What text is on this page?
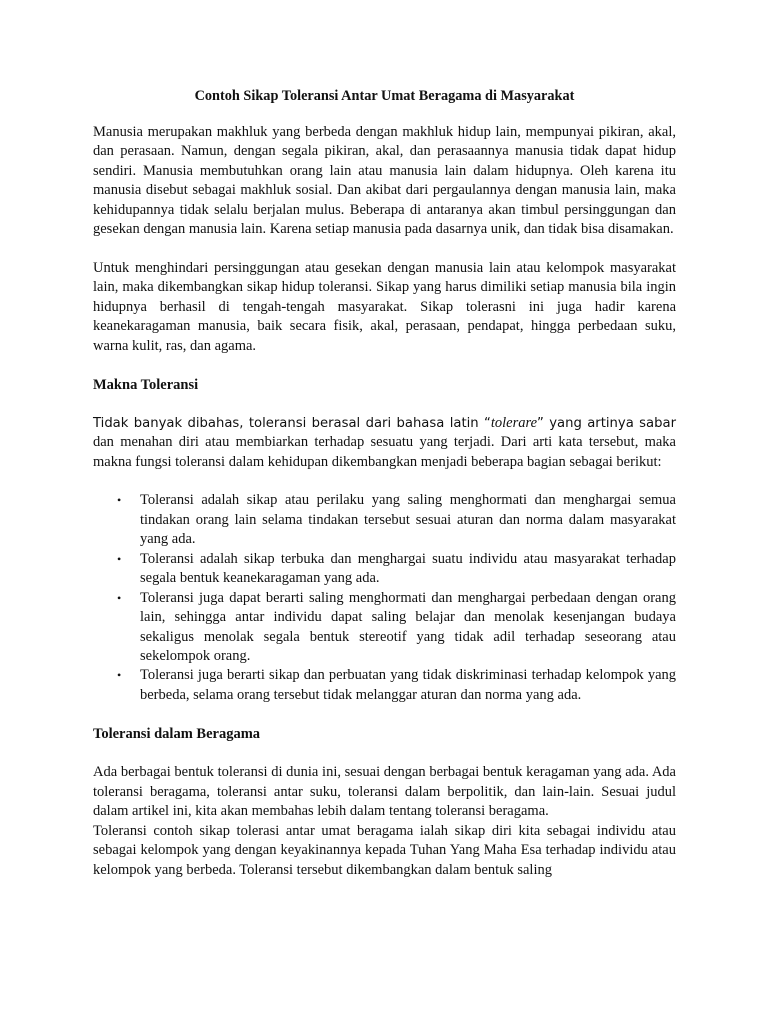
Contoh Sikap Toleransi Antar Umat Beragama di Masyarakat

Manusia merupakan makhluk yang berbeda dengan makhluk hidup lain, mempunyai pikiran, akal, dan perasaan. Namun, dengan segala pikiran, akal, dan perasaannya manusia tidak dapat hidup sendiri. Manusia membutuhkan orang lain atau manusia lain dalam hidupnya. Oleh karena itu manusia disebut sebagai makhluk sosial. Dan akibat dari pergaulannya dengan manusia lain, maka kehidupannya tidak selalu berjalan mulus. Beberapa di antaranya akan timbul persinggungan dan gesekan dengan manusia lain. Karena setiap manusia pada dasarnya unik, dan tidak bisa disamakan.

Untuk menghindari persinggungan atau gesekan dengan manusia lain atau kelompok masyarakat lain, maka dikembangkan sikap hidup toleransi. Sikap yang harus dimiliki setiap manusia bila ingin hidupnya berhasil di tengah-tengah masyarakat. Sikap tolerasni ini juga hadir karena keanekaragaman manusia, baik secara fisik, akal, perasaan, pendapat, hingga perbedaan suku, warna kulit, ras, dan agama.

Makna Toleransi

Tidak banyak dibahas, toleransi berasal dari bahasa latin “tolerare” yang artinya sabar dan menahan diri atau membiarkan terhadap sesuatu yang terjadi. Dari arti kata tersebut, maka makna fungsi toleransi dalam kehidupan dikembangkan menjadi beberapa bagian sebagai berikut:

• Toleransi adalah sikap atau perilaku yang saling menghormati dan menghargai semua tindakan orang lain selama tindakan tersebut sesuai aturan dan norma dalam masyarakat yang ada.
• Toleransi adalah sikap terbuka dan menghargai suatu individu atau masyarakat terhadap segala bentuk keanekaragaman yang ada.
• Toleransi juga dapat berarti saling menghormati dan menghargai perbedaan dengan orang lain, sehingga antar individu dapat saling belajar dan menolak kesenjangan budaya sekaligus menolak segala bentuk stereotif yang tidak adil terhadap seseorang atau sekelompok orang.
• Toleransi juga berarti sikap dan perbuatan yang tidak diskriminasi terhadap kelompok yang berbeda, selama orang tersebut tidak melanggar aturan dan norma yang ada.
Toleransi dalam Beragama

Ada berbagai bentuk toleransi di dunia ini, sesuai dengan berbagai bentuk keragaman yang ada. Ada toleransi beragama, toleransi antar suku, toleransi dalam berpolitik, dan lain-lain. Sesuai judul dalam artikel ini, kita akan membahas lebih dalam tentang toleransi beragama.

Toleransi contoh sikap tolerasi antar umat beragama ialah sikap diri kita sebagai individu atau sebagai kelompok yang dengan keyakinannya kepada Tuhan Yang Maha Esa terhadap individu atau kelompok yang berbeda. Toleransi tersebut dikembangkan dalam bentuk saling
